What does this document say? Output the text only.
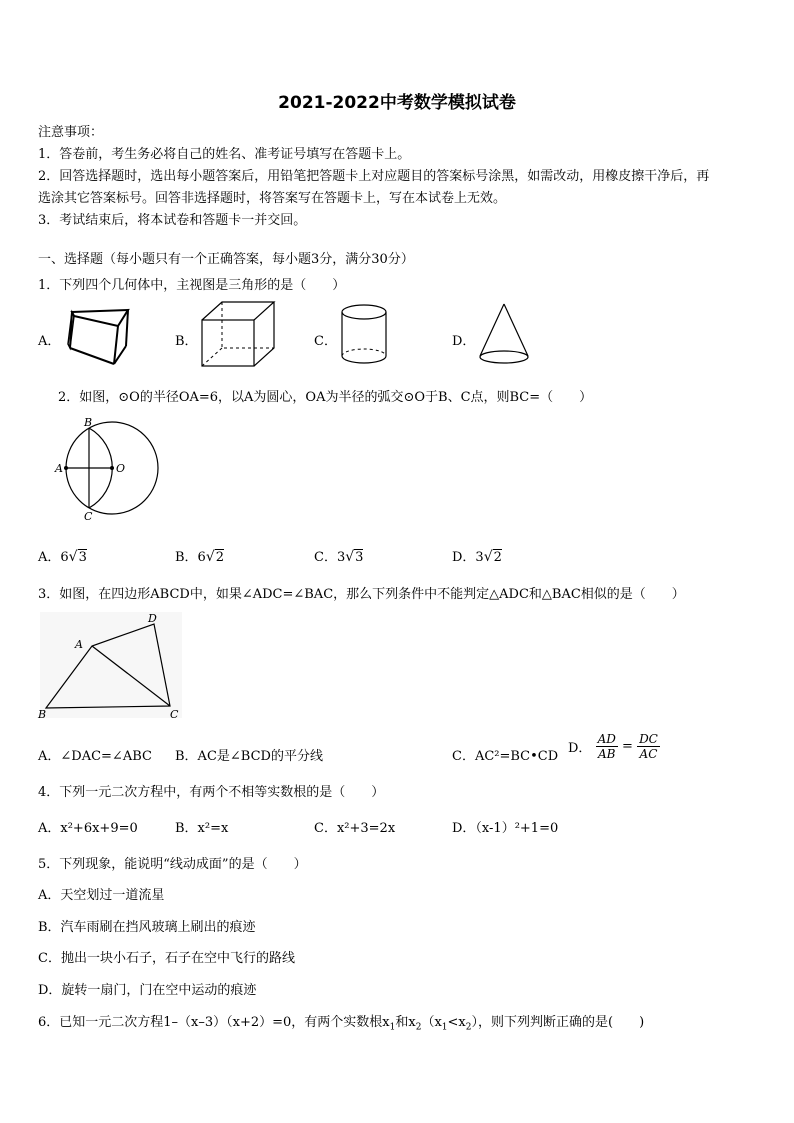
2021-2022中考数学模拟试卷
注意事项：
1．答卷前，考生务必将自己的姓名、准考证号填写在答题卡上。
2．回答选择题时，选出每小题答案后，用铅笔把答题卡上对应题目的答案标号涂黑，如需改动，用橡皮擦干净后，再
选涂其它答案标号。回答非选择题时，将答案写在答题卡上，写在本试卷上无效。
3．考试结束后，将本试卷和答题卡一并交回。
一、选择题（每小题只有一个正确答案，每小题3分，满分30分）
1．下列四个几何体中，主视图是三角形的是（　　）
A．	B．	C．	D．
2．如图，⊙O的半径OA=6，以A为圆心，OA为半径的弧交⊙O于B、C点，则BC=（　　）
B
A	O
C
A．6√3	B．6√2	C．3√3	D．3√2
3．如图，在四边形ABCD中，如果∠ADC=∠BAC，那么下列条件中不能判定△ADC和△BAC相似的是（　　）
A
B	C
D
A．∠DAC=∠ABC B．AC是∠BCD的平分线	C．AC²=BC•CD
D． $\frac{AD}{AB} = \frac{DC}{AC}$
4．下列一元二次方程中，有两个不相等实数根的是（　　）
A．x²+6x+9=0	B．x²=x	C．x²+3=2x	D．（x-1）²+1=0
5．下列现象，能说明“线动成面”的是（　　）
A．天空划过一道流星
B．汽车雨刷在挡风玻璃上刷出的痕迹
C．抛出一块小石子，石子在空中飞行的路线
D．旋转一扇门，门在空中运动的痕迹
6．已知一元二次方程1–（x–3）（x+2）=0，有两个实数根$x_1$和$x_2(x_1<x_2)$，则下列判断正确的是(　　)
